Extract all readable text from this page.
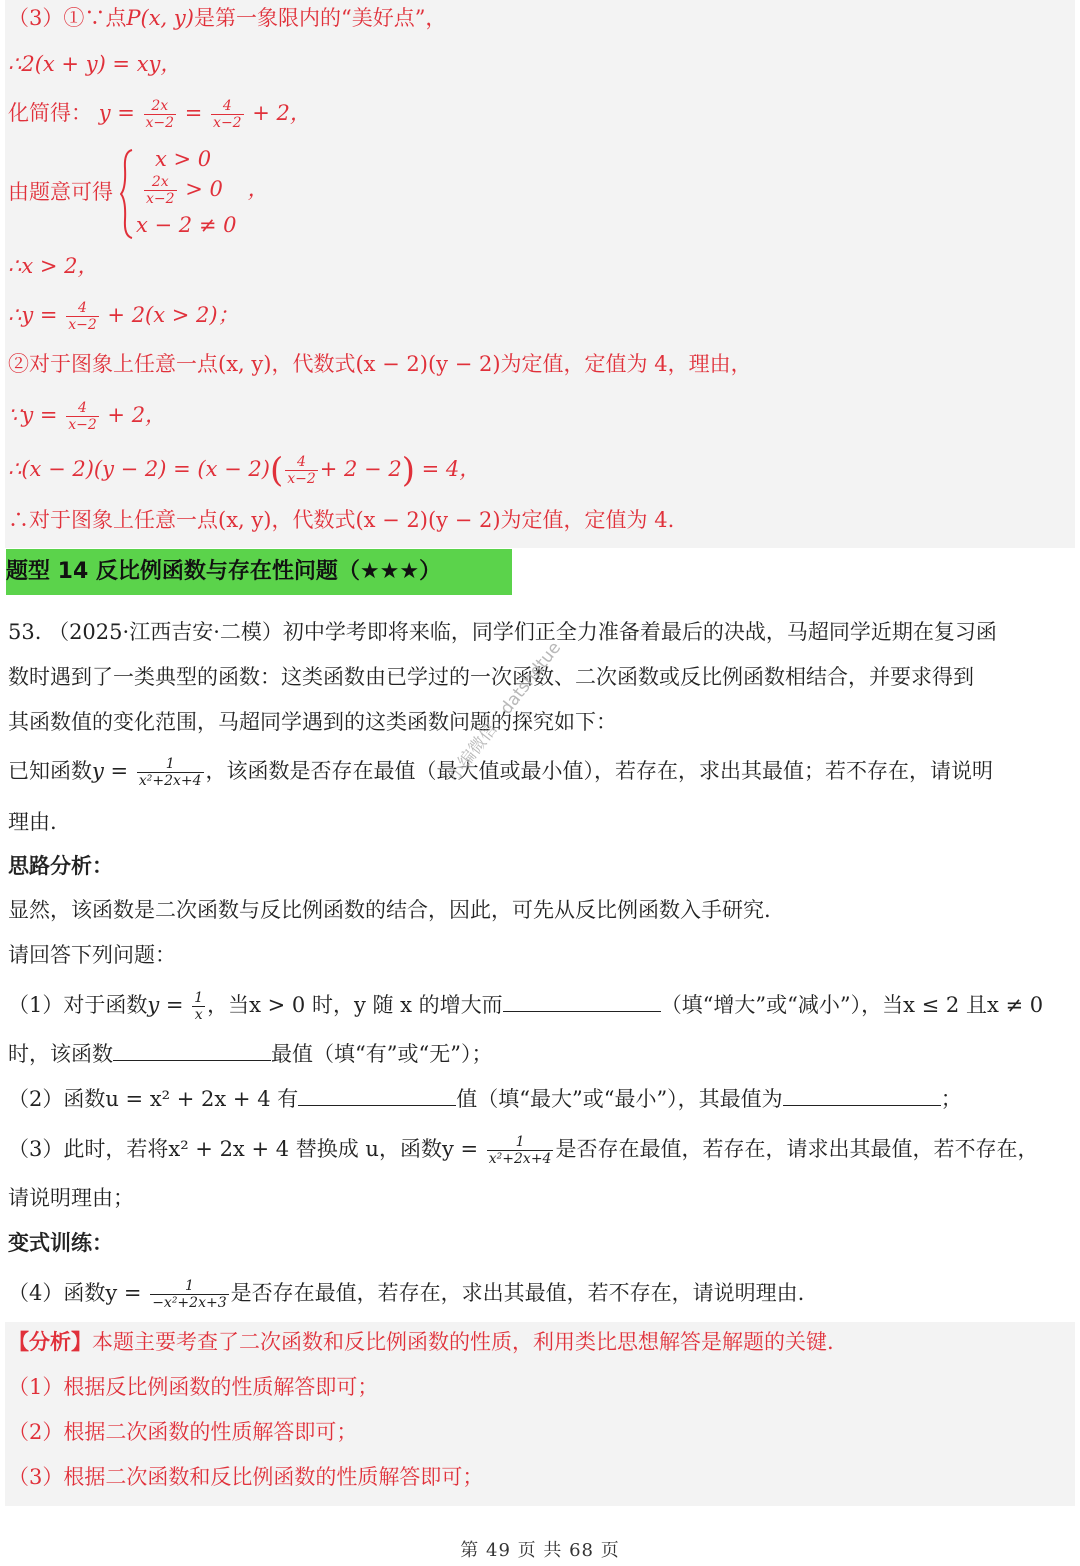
（3）①∵点P(x, y)是第一象限内的“美好点”，
∴2(x + y) = xy，
化简得： $y = \frac{2x}{x-2} = \frac{4}{x-2} + 2$，
由题意可得
x > 0
$\frac{2x}{x-2} > 0$ ，
x − 2 ≠ 0
∴x > 2，
∴y = $\frac{4}{x-2} + 2(x > 2)$；
②对于图象上任意一点(x, y)，代数式(x − 2)(y − 2)为定值，定值为 4，理由，
∵y = $\frac{4}{x-2} + 2$，
∴(x − $2)(y - 2) = (x - 2)( \frac{4}{x-2} + 2 - 2) = 4$，
∴对于图象上任意一点(x, y)，代数式(x − 2)(y − 2)为定值，定值为 4.
题型 14 反比例函数与存在性问题（★★★）
53. （2025·江西吉安·二模）初中学考即将来临，同学们正全力准备着最后的决战，马超同学近期在复习函
数时遇到了一类典型的函数：这类函数由已学过的一次函数、二次函数或反比例函数相结合，并要求得到
其函数值的变化范围，马超同学遇到的这类函数问题的探究如下：
已知函数$y = \frac{1}{\text{x²+2x+4}}$ ，该函数是否存在最值（最大值或最小值），若存在，求出其最值；若不存在，请说明
理由.
思路分析：
显然，该函数是二次函数与反比例函数的结合，因此，可先从反比例函数入手研究.
请回答下列问题：
（1）对于函数$y = \frac{1}{x}$ ，当x > 0 时，y 随 x 的增大而	（填“增大”或“减小”），当x ≤ 2 且x ≠ 0
时，该函数	最值（填“有”或“无”）；
（2）函数u = x² + 2x + 4 有	值（填“最大”或“最小”），其最值为	；
（3）此时，若将x² + 2x + 4 替换成 u，函数$y = \frac{1}{\text{x²+2x+4}}$ 是否存在最值，若存在，请求出其最值，若不存在，
请说明理由；
变式训练：
（4）函数$y = \frac{1}{\text{−x²+2x+3}}$ 是否存在最值，若存在，求出其最值，若不存在，请说明理由.
【分析】本题主要考查了二次函数和反比例函数的性质，利用类比思想解答是解题的关键.
（1）根据反比例函数的性质解答即可；
（2）根据二次函数的性质解答即可；
（3）根据二次函数和反比例函数的性质解答即可；
小编微信：datshdtue
第 49 页 共 68 页
